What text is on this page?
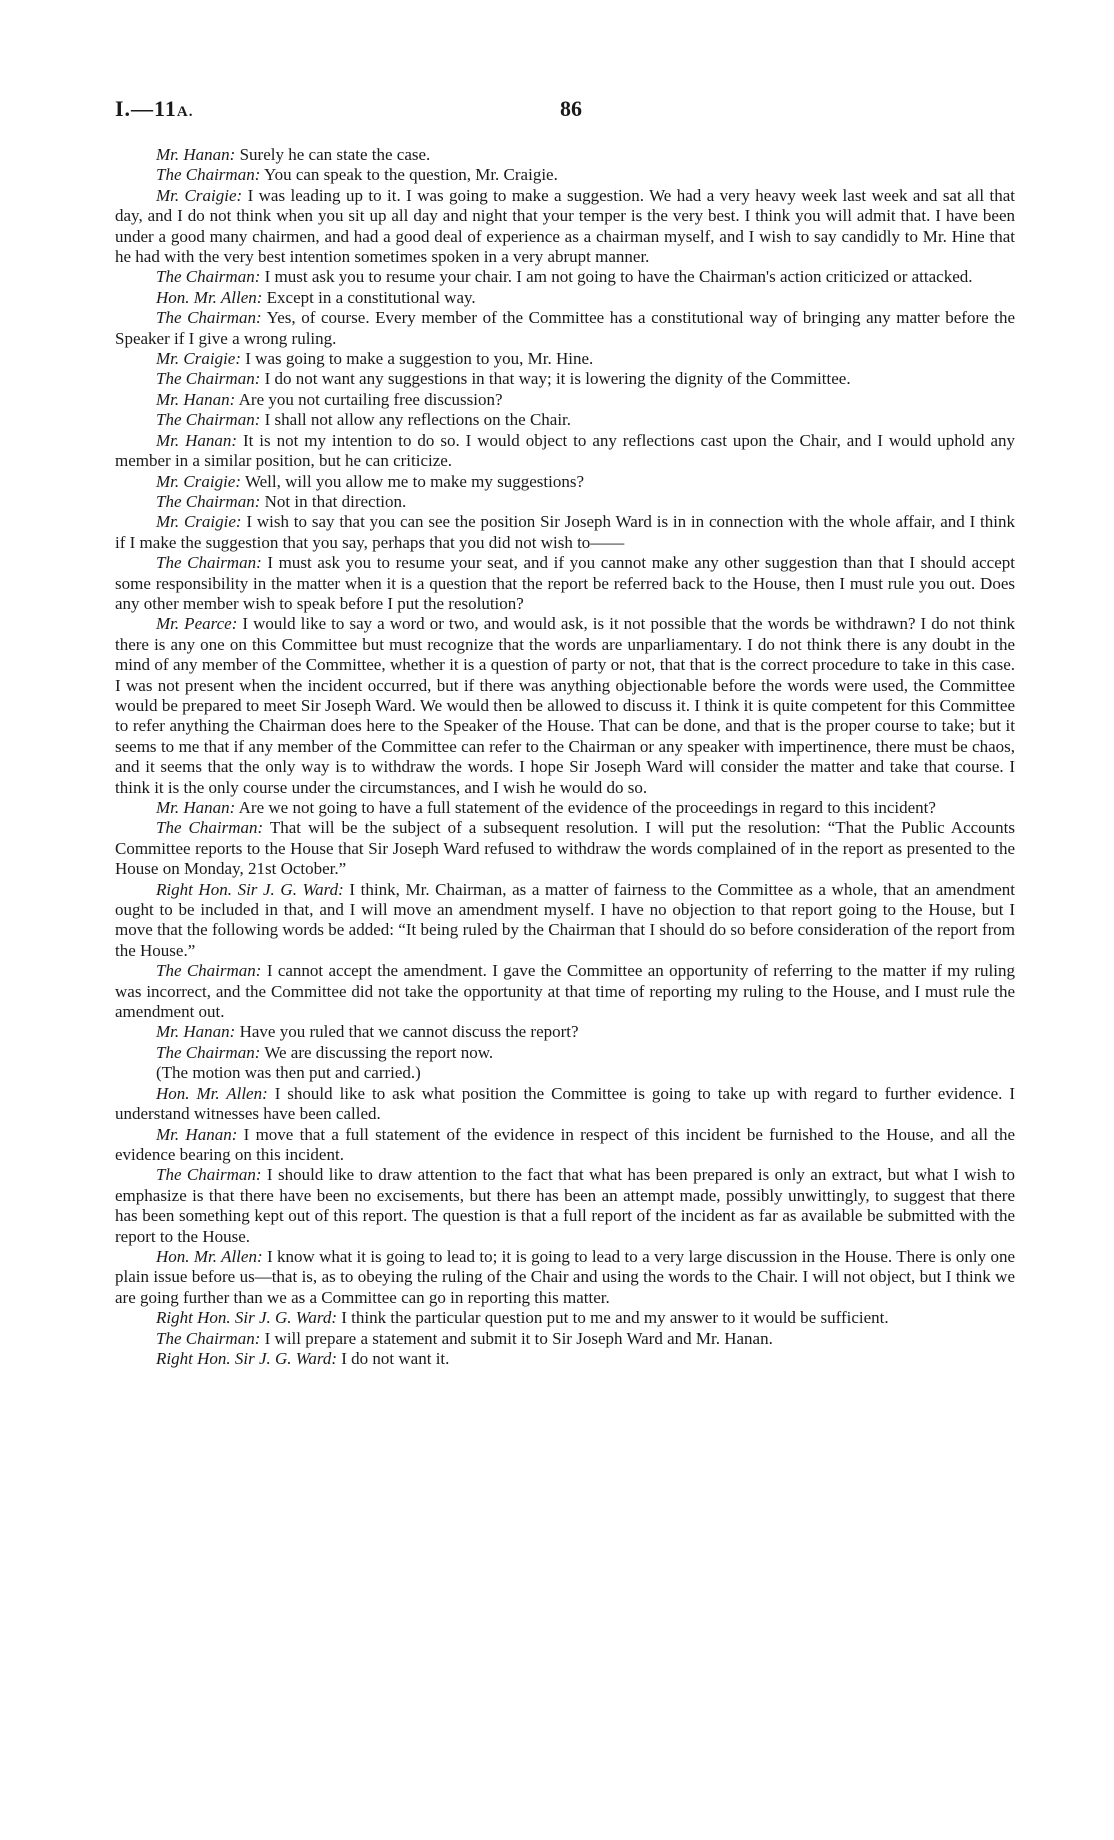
I.—11A.	86

Mr. Hanan: Surely he can state the case.

The Chairman: You can speak to the question, Mr. Craigie.

Mr. Craigie: I was leading up to it. I was going to make a suggestion. We had a very heavy week last week and sat all that day, and I do not think when you sit up all day and night that your temper is the very best. I think you will admit that. I have been under a good many chairmen, and had a good deal of experience as a chairman myself, and I wish to say candidly to Mr. Hine that he had with the very best intention sometimes spoken in a very abrupt manner.

The Chairman: I must ask you to resume your chair. I am not going to have the Chairman's action criticized or attacked.

Hon. Mr. Allen: Except in a constitutional way.

The Chairman: Yes, of course. Every member of the Committee has a constitutional way of bringing any matter before the Speaker if I give a wrong ruling.

Mr. Craigie: I was going to make a suggestion to you, Mr. Hine.

The Chairman: I do not want any suggestions in that way; it is lowering the dignity of the Committee.

Mr. Hanan: Are you not curtailing free discussion?

The Chairman: I shall not allow any reflections on the Chair.

Mr. Hanan: It is not my intention to do so. I would object to any reflections cast upon the Chair, and I would uphold any member in a similar position, but he can criticize.

Mr. Craigie: Well, will you allow me to make my suggestions?

The Chairman: Not in that direction.

Mr. Craigie: I wish to say that you can see the position Sir Joseph Ward is in in connection with the whole affair, and I think if I make the suggestion that you say, perhaps that you did not wish to——

The Chairman: I must ask you to resume your seat, and if you cannot make any other suggestion than that I should accept some responsibility in the matter when it is a question that the report be referred back to the House, then I must rule you out. Does any other member wish to speak before I put the resolution?

Mr. Pearce: I would like to say a word or two, and would ask, is it not possible that the words be withdrawn? I do not think there is any one on this Committee but must recognize that the words are unparliamentary. I do not think there is any doubt in the mind of any member of the Committee, whether it is a question of party or not, that that is the correct procedure to take in this case. I was not present when the incident occurred, but if there was anything objectionable before the words were used, the Committee would be prepared to meet Sir Joseph Ward. We would then be allowed to discuss it. I think it is quite competent for this Committee to refer anything the Chairman does here to the Speaker of the House. That can be done, and that is the proper course to take; but it seems to me that if any member of the Committee can refer to the Chairman or any speaker with impertinence, there must be chaos, and it seems that the only way is to withdraw the words. I hope Sir Joseph Ward will consider the matter and take that course. I think it is the only course under the circumstances, and I wish he would do so.

Mr. Hanan: Are we not going to have a full statement of the evidence of the proceedings in regard to this incident?

The Chairman: That will be the subject of a subsequent resolution. I will put the resolution: “That the Public Accounts Committee reports to the House that Sir Joseph Ward refused to withdraw the words complained of in the report as presented to the House on Monday, 21st October.”

Right Hon. Sir J. G. Ward: I think, Mr. Chairman, as a matter of fairness to the Committee as a whole, that an amendment ought to be included in that, and I will move an amendment myself. I have no objection to that report going to the House, but I move that the following words be added: “It being ruled by the Chairman that I should do so before consideration of the report from the House.”

The Chairman: I cannot accept the amendment. I gave the Committee an opportunity of referring to the matter if my ruling was incorrect, and the Committee did not take the opportunity at that time of reporting my ruling to the House, and I must rule the amendment out.

Mr. Hanan: Have you ruled that we cannot discuss the report?

The Chairman: We are discussing the report now.

(The motion was then put and carried.)

Hon. Mr. Allen: I should like to ask what position the Committee is going to take up with regard to further evidence. I understand witnesses have been called.

Mr. Hanan: I move that a full statement of the evidence in respect of this incident be furnished to the House, and all the evidence bearing on this incident.

The Chairman: I should like to draw attention to the fact that what has been prepared is only an extract, but what I wish to emphasize is that there have been no excisements, but there has been an attempt made, possibly unwittingly, to suggest that there has been something kept out of this report. The question is that a full report of the incident as far as available be submitted with the report to the House.

Hon. Mr. Allen: I know what it is going to lead to; it is going to lead to a very large discussion in the House. There is only one plain issue before us—that is, as to obeying the ruling of the Chair and using the words to the Chair. I will not object, but I think we are going further than we as a Committee can go in reporting this matter.

Right Hon. Sir J. G. Ward: I think the particular question put to me and my answer to it would be sufficient.

The Chairman: I will prepare a statement and submit it to Sir Joseph Ward and Mr. Hanan.

Right Hon. Sir J. G. Ward: I do not want it.
